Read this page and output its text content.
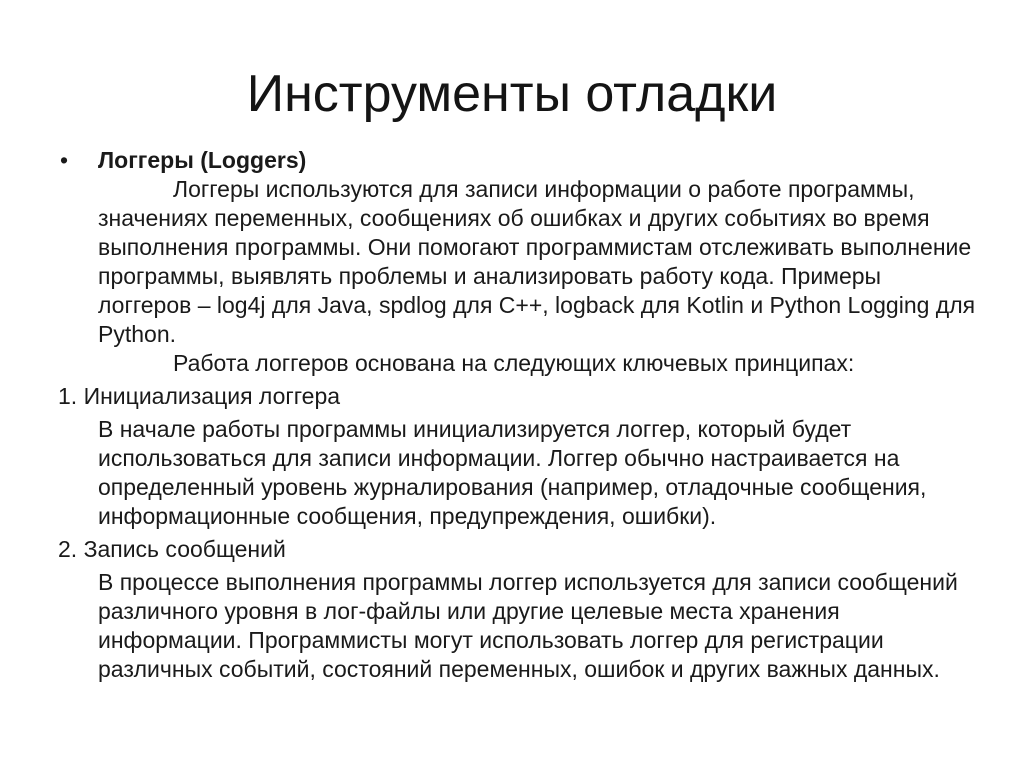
Инструменты отладки
•	Логгеры (Loggers)

Логгеры используются для записи информации о работе программы, значениях переменных, сообщениях об ошибках и других событиях во время выполнения программы. Они помогают программистам отслеживать выполнение программы, выявлять проблемы и анализировать работу кода. Примеры логгеров – log4j для Java, spdlog для C++, logback для Kotlin и Python Logging для Python.

Работа логгеров основана на следующих ключевых принципах:

1. Инициализация логгера
В начале работы программы инициализируется логгер, который будет использоваться для записи информации. Логгер обычно настраивается на определенный уровень журналирования (например, отладочные сообщения, информационные сообщения, предупреждения, ошибки).
2. Запись сообщений
В процессе выполнения программы логгер используется для записи сообщений различного уровня в лог-файлы или другие целевые места хранения информации. Программисты могут использовать логгер для регистрации различных событий, состояний переменных, ошибок и других важных данных.
